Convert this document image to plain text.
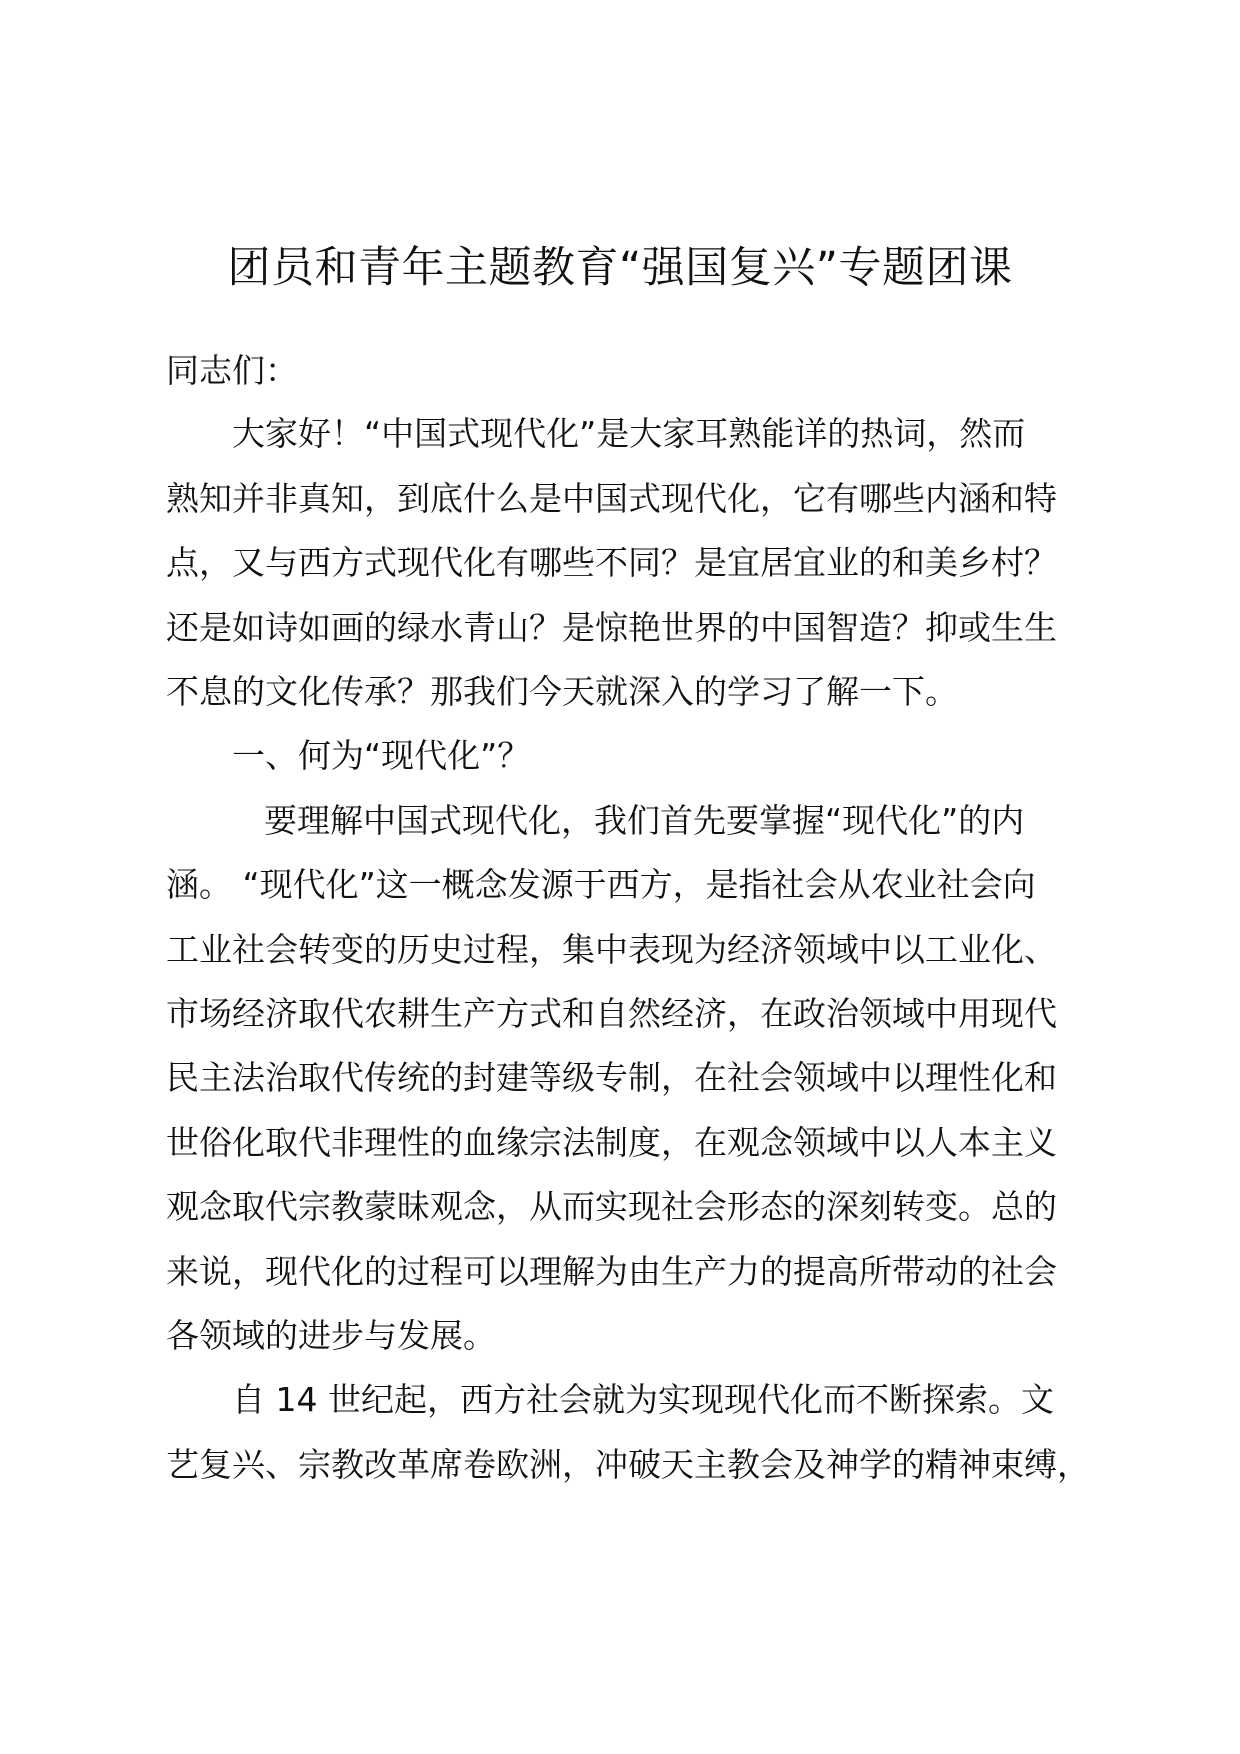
团员和青年主题教育“强国复兴”专题团课
同志们：
大家好！“中国式现代化”是大家耳熟能详的热词，然而
熟知并非真知，到底什么是中国式现代化，它有哪些内涵和特
点，又与西方式现代化有哪些不同？是宜居宜业的和美乡村？
还是如诗如画的绿水青山？是惊艳世界的中国智造？抑或生生
不息的文化传承？那我们今天就深入的学习了解一下。
一、何为“现代化”？
要理解中国式现代化，我们首先要掌握“现代化”的内
涵。 “现代化”这一概念发源于西方，是指社会从农业社会向
工业社会转变的历史过程，集中表现为经济领域中以工业化、
市场经济取代农耕生产方式和自然经济，在政治领域中用现代
民主法治取代传统的封建等级专制，在社会领域中以理性化和
世俗化取代非理性的血缘宗法制度，在观念领域中以人本主义
观念取代宗教蒙昧观念，从而实现社会形态的深刻转变。总的
来说，现代化的过程可以理解为由生产力的提高所带动的社会
各领域的进步与发展。
自 14 世纪起，西方社会就为实现现代化而不断探索。文
艺复兴、宗教改革席卷欧洲，冲破天主教会及神学的精神束缚，
